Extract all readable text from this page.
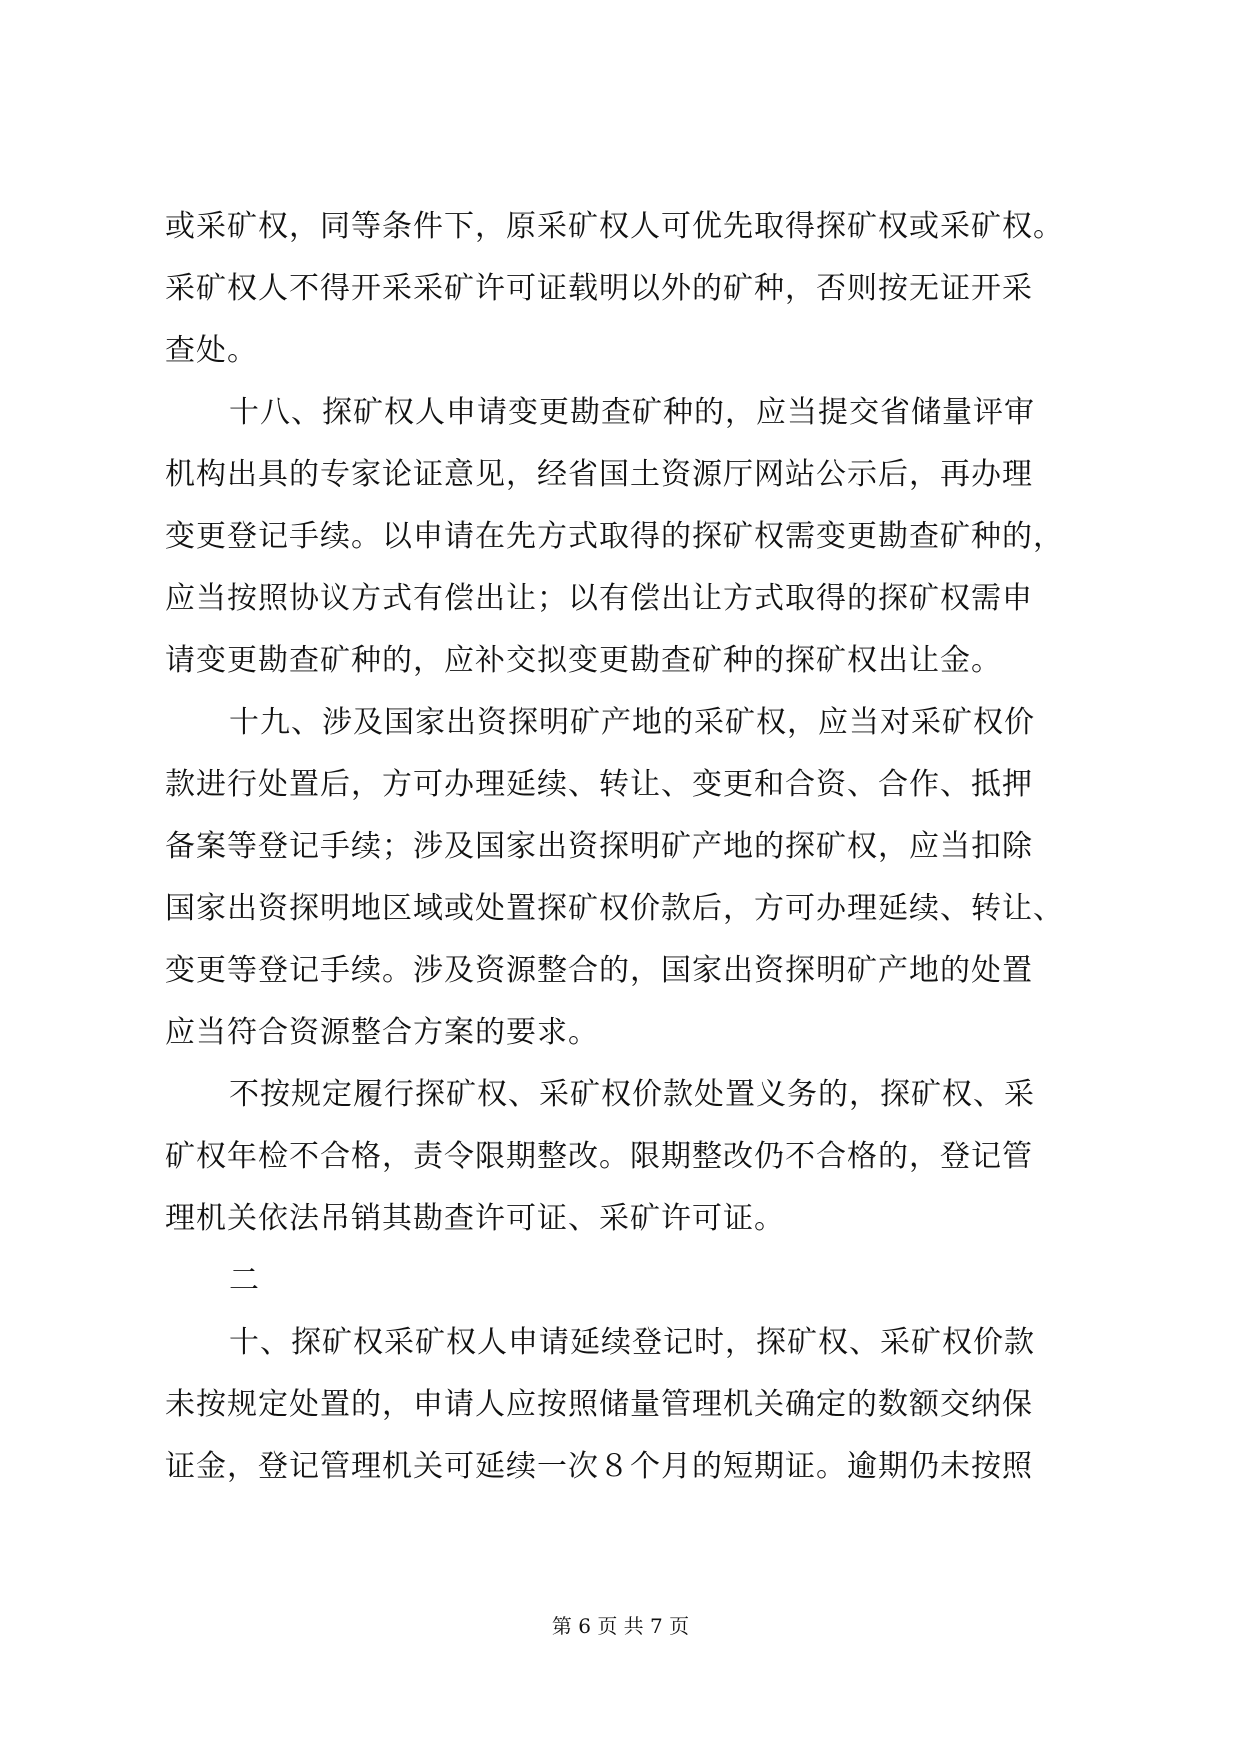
或采矿权，同等条件下，原采矿权人可优先取得探矿权或采矿权。
采矿权人不得开采采矿许可证载明以外的矿种，否则按无证开采
查处。
十八、探矿权人申请变更勘查矿种的，应当提交省储量评审
机构出具的专家论证意见，经省国土资源厅网站公示后，再办理
变更登记手续。以申请在先方式取得的探矿权需变更勘查矿种的，
应当按照协议方式有偿出让；以有偿出让方式取得的探矿权需申
请变更勘查矿种的，应补交拟变更勘查矿种的探矿权出让金。
十九、涉及国家出资探明矿产地的采矿权，应当对采矿权价
款进行处置后，方可办理延续、转让、变更和合资、合作、抵押
备案等登记手续；涉及国家出资探明矿产地的探矿权，应当扣除
国家出资探明地区域或处置探矿权价款后，方可办理延续、转让、
变更等登记手续。涉及资源整合的，国家出资探明矿产地的处置
应当符合资源整合方案的要求。
不按规定履行探矿权、采矿权价款处置义务的，探矿权、采
矿权年检不合格，责令限期整改。限期整改仍不合格的，登记管
理机关依法吊销其勘查许可证、采矿许可证。
二
十、探矿权采矿权人申请延续登记时，探矿权、采矿权价款
未按规定处置的，申请人应按照储量管理机关确定的数额交纳保
证金，登记管理机关可延续一次８个月的短期证。逾期仍未按照
第 6 页 共 7 页
